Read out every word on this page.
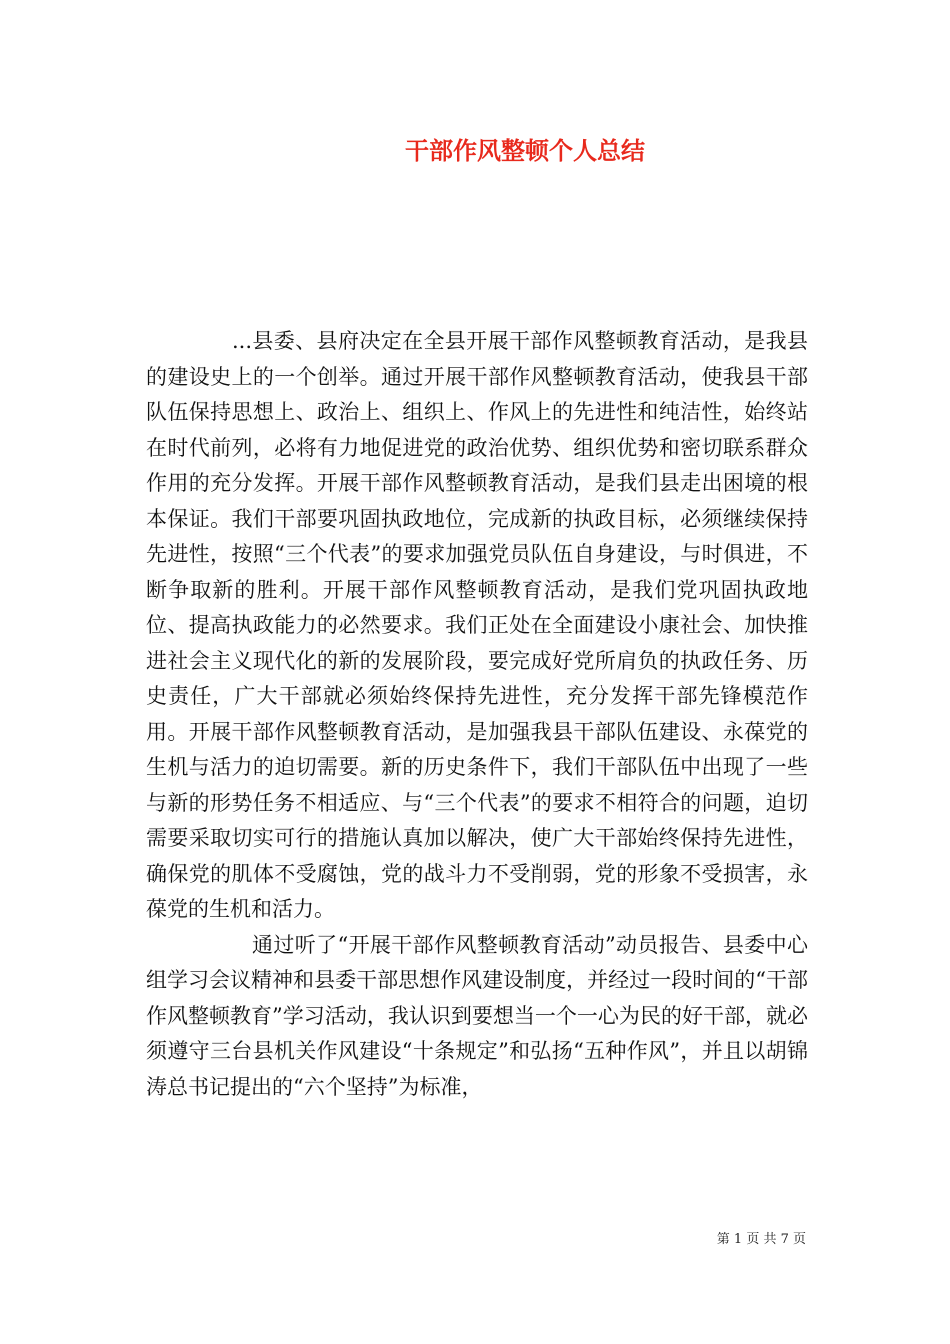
干部作风整顿个人总结

...县委、县府决定在全县开展干部作风整顿教育活动，是我县的建设史上的一个创举。通过开展干部作风整顿教育活动，使我县干部队伍保持思想上、政治上、组织上、作风上的先进性和纯洁性，始终站在时代前列，必将有力地促进党的政治优势、组织优势和密切联系群众作用的充分发挥。开展干部作风整顿教育活动，是我们县走出困境的根本保证。我们干部要巩固执政地位，完成新的执政目标，必须继续保持先进性，按照“三个代表”的要求加强党员队伍自身建设，与时俱进，不断争取新的胜利。开展干部作风整顿教育活动，是我们党巩固执政地位、提高执政能力的必然要求。我们正处在全面建设小康社会、加快推进社会主义现代化的新的发展阶段，要完成好党所肩负的执政任务、历史责任，广大干部就必须始终保持先进性，充分发挥干部先锋模范作用。开展干部作风整顿教育活动，是加强我县干部队伍建设、永葆党的生机与活力的迫切需要。新的历史条件下，我们干部队伍中出现了一些与新的形势任务不相适应、与“三个代表”的要求不相符合的问题，迫切需要采取切实可行的措施认真加以解决，使广大干部始终保持先进性，确保党的肌体不受腐蚀，党的战斗力不受削弱，党的形象不受损害，永葆党的生机和活力。

通过听了“开展干部作风整顿教育活动”动员报告、县委中心组学习会议精神和县委干部思想作风建设制度，并经过一段时间的“干部作风整顿教育”学习活动，我认识到要想当一个一心为民的好干部，就必须遵守三台县机关作风建设“十条规定”和弘扬“五种作风”，并且以胡锦涛总书记提出的“六个坚持”为标准，

第 1 页 共 7 页
